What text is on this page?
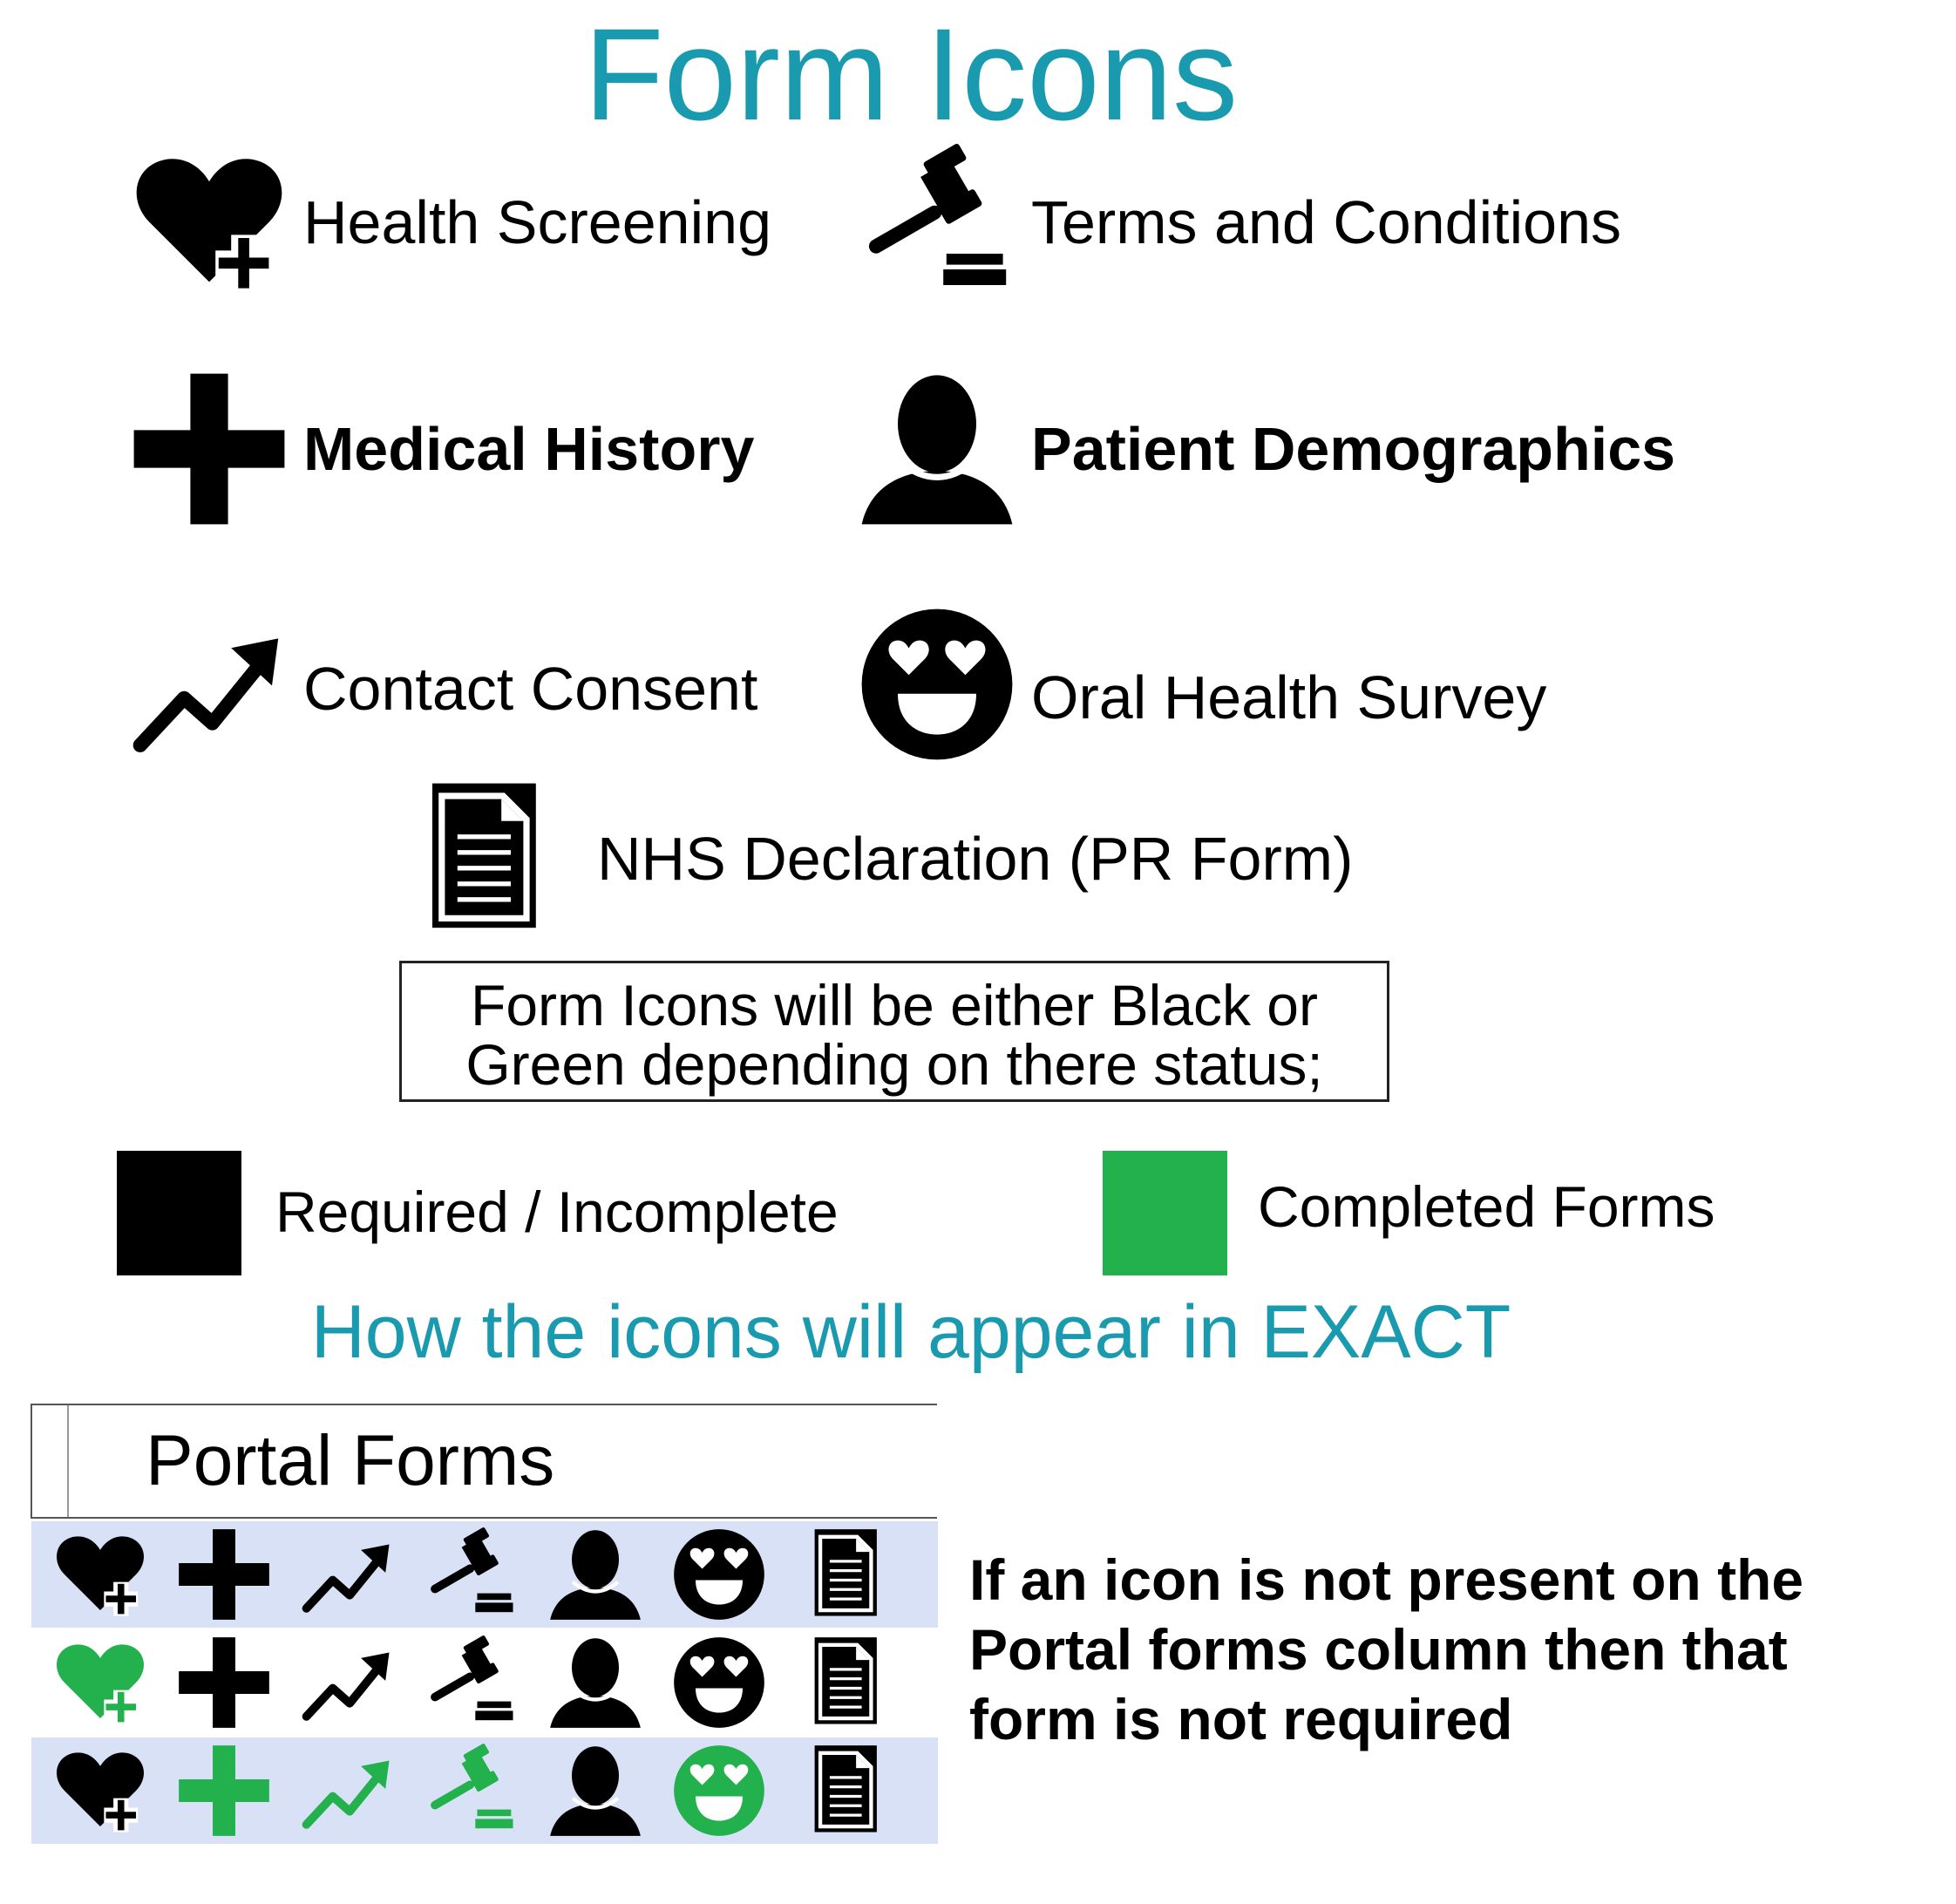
Form Icons
Health Screening	Terms and Conditions
Medical History	Patient Demographics
Contact Consent	Oral Health Survey
NHS Declaration (PR Form)
Form Icons will be either Black or
Green depending on there status;
Required / Incomplete	Completed Forms
How the icons will appear in EXACT
Portal Forms
If an icon is not present on the Portal forms column then that form is not required
